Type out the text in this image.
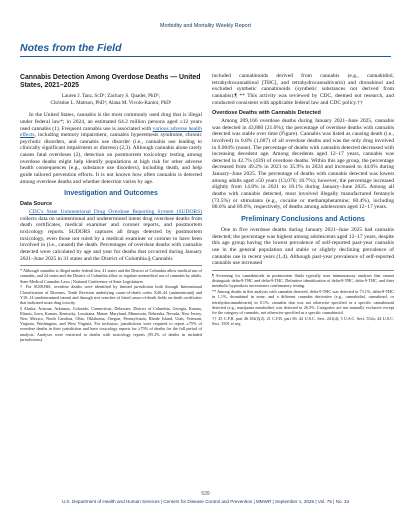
Morbidity and Mortality Weekly Report
Notes from the Field
Cannabis Detection Among Overdose Deaths — United States, 2021–2025
Lauren J. Tanz, ScD¹; Zachary S. Quader, PhD¹;
Christine L. Mattson, PhD¹; Alana M. Vivolo-Kantor, PhD¹

In the United States, cannabis is the most commonly used drug that is illegal under federal law*; in 2024, an estimated 64.2 million persons aged ≥12 years used cannabis (1). Frequent cannabis use is associated with various adverse health effects, including memory impairment, cannabis hyperemesis syndrome, chronic psychotic disorders, and cannabis use disorder (i.e., cannabis use leading to clinically significant impairment or distress) (2,3). Although cannabis alone rarely causes fatal overdoses (2), detection on postmortem toxicology testing among overdose deaths might help identify populations at high risk for other adverse health consequences (e.g., substance use disorders), including death, and help guide tailored prevention efforts. It is not known how often cannabis is detected among overdose deaths and whether detection varies by age.

Investigation and Outcomes
Data Source

CDC's State Unintentional Drug Overdose Reporting System (SUDORS) collects data on unintentional and undetermined intent drug overdose deaths from death certificates, medical examiner and coroner reports, and postmortem toxicology reports. SUDORS captures all drugs detected by postmortem toxicology, even those not ruled by a medical examiner or coroner to have been involved in (i.e., caused) the death. Percentages of overdose deaths with cannabis detected were calculated by age and year for deaths that occurred during January 2021–June 2025 in 31 states and the District of Columbia.§ Cannabis

* Although cannabis is illegal under federal law, 41 states and the District of Columbia allow medical use of cannabis, and 24 states and the District of Columbia allow or regulate nonmedical use of cannabis by adults. State Medical Cannabis Laws | National Conference of State Legislatures
† For SUDORS, overdose deaths were identified by limited jurisdiction both through International Classification of Diseases, Tenth Revision underlying cause-of-death codes X40–44 (unintentional) and Y10–14 (undetermined intent) and through text searches of listed cause-of-death fields on death certificates that indicated acute drug toxicity.
§ Alaska, Arizona, Arkansas, Colorado, Connecticut, Delaware, District of Columbia, Georgia, Kansas, Illinois, Iowa, Kansas, Kentucky, Louisiana, Maine, Maryland, Minnesota, Nebraska, Nevada, New Jersey, New Mexico, North Carolina, Ohio, Oklahoma, Oregon, Pennsylvania, Rhode Island, Utah, Vermont, Virginia, Washington, and West Virginia. For inclusion, jurisdictions were required to report ≥75% of overdose deaths in their jurisdiction and have toxicology reports for ≥75% of deaths for the full period of analysis. Analyses were restricted to deaths with toxicology reports (95.2% of deaths in included jurisdictions).

included cannabinoids derived from cannabis (e.g., cannabidiol, tetrahydrocannabinol [THC], and tetrahydrocannabivarin) and dronabinol and excluded synthetic cannabinoids (synthetic substances not derived from cannabis).¶ ** This activity was reviewed by CDC, deemed not research, and conducted consistent with applicable federal law and CDC policy.††

Overdose Deaths with Cannabis Detected

Among 209,166 overdose deaths during January 2021–June 2025, cannabis was detected in 43,880 (21.0%); the percentage of overdose deaths with cannabis detected was stable over time (Figure). Cannabis was listed as causing death (i.e., involved) in 0.8% (1,687) of all overdose deaths and was the only drug involved in 0.004% (none). The percentage of deaths with cannabis detected decreased with increasing decedent age. Among decedents aged 12–17 years, cannabis was detected in 42.7% (439) of overdose deaths. Within this age group, the percentage decreased from 49.2% in 2021 to 35.9% in 2024 and increased to 44.6% during January–June 2025. The percentage of deaths with cannabis detected was lowest among adults aged ≥50 years (13,076; 16.7%); however, the percentage increased slightly from 14.8% in 2021 to 18.1% during January–June 2025. Among all deaths with cannabis detected, most involved illegally manufactured fentanyls (73.5%) or stimulants (e.g., cocaine or methamphetamine; 60.4%), including 88.6% and 69.0%, respectively, of deaths among adolescents aged 12–17 years.

Preliminary Conclusions and Actions

One in five overdose deaths during January 2021–June 2025 had cannabis detected; the percentage was highest among adolescents aged 12–17 years, despite this age group having the lowest prevalence of self-reported past-year cannabis use in the general population and stable or slightly declining prevalence of cannabis use in recent years (1,4). Although past-year prevalence of self-reported cannabis use increased

¶ Screening for cannabinoids in postmortem fluids typically uses immunoassay analyses that cannot distinguish delta-8-THC and delta-9-THC. Definitive identification of delta-8-THC, delta-9-THC, and their metabolic byproducts necessitates confirmatory testing.
** Among deaths in this analysis with cannabis detected, delta-9-THC was detected in 73.1%, delta-8-THC in 1.1%, dronabinol in none, and a different cannabis derivative (e.g., cannabidiol, cannabinol, or tetrahydrocannabivarin) in 0.1%; cannabis that was not otherwise specified or a specific cannabinoid detected (e.g., marijuana metabolite) was detected in 26.5%. Categories are not mutually exclusive except for the category of cannabis, not otherwise specified as a specific cannabinoid.
†† 45 C.F.R. part 46.102(l)(2), 21 C.F.R. part 56; 42 U.S.C. Sect. 241(d); 5 U.S.C. Sect. 552a; 44 U.S.C. Sect. 3501 et seq.
539
U.S. Department of Health and Human Services | Centers for Disease Control and Prevention | MMWR | September 1, 2026 | Vol. 75 | No. 34
